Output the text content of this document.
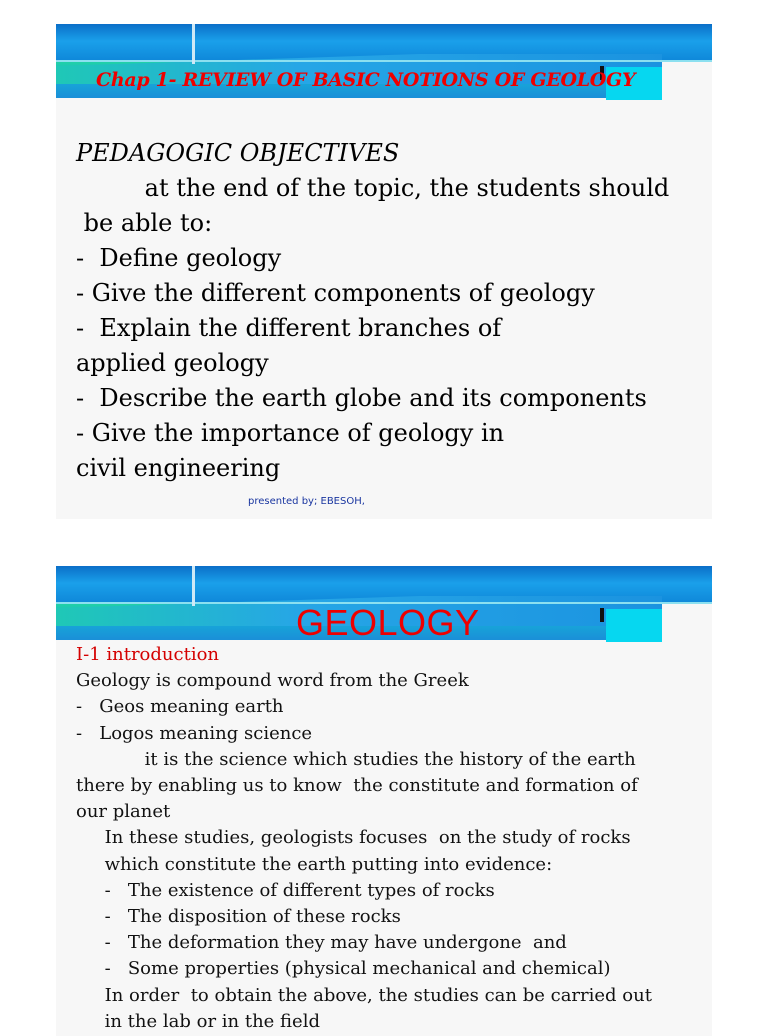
Chap 1- REVIEW OF BASIC NOTIONS OF GEOLOGY
PEDAGOGIC OBJECTIVES
at the end of the topic, the students should
be able to:
-  Define geology
- Give the different components of geology
-  Explain the different branches of
applied geology
-  Describe the earth globe and its components
- Give the importance of geology in
civil engineering
presented by; EBESOH,
GEOLOGY
I-1 introduction
Geology is compound word from the Greek
-   Geos meaning earth
-   Logos meaning science
it is the science which studies the history of the earth
there by enabling us to know  the constitute and formation of
our planet
In these studies, geologists focuses  on the study of rocks
which constitute the earth putting into evidence:
-   The existence of different types of rocks
-   The disposition of these rocks
-   The deformation they may have undergone  and
-   Some properties (physical mechanical and chemical)
In order  to obtain the above, the studies can be carried out
in the lab or in the field
